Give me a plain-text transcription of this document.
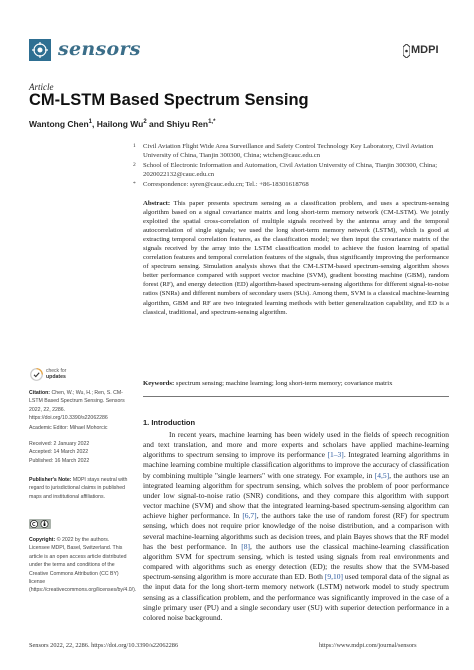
sensors	MDPI
Article
CM-LSTM Based Spectrum Sensing
Wantong Chen$^1$, Hailong Wu$^2$ and Shiyu Ren$^{1,*}$
1 Civil Aviation Flight Wide Area Surveillance and Safety Control Technology Key Laboratory, Civil Aviation University of China, Tianjin 300300, China; wtchen@cauc.edu.cn
2 School of Electronic Information and Automation, Civil Aviation University of China, Tianjin 300300, China; 2020022132@cauc.edu.cn
* Correspondence: syren@cauc.edu.cn; Tel.: +86-18301618768
Abstract: This paper presents spectrum sensing as a classification problem, and uses a spectrum-sensing algorithm based on a signal covariance matrix and long short-term memory network (CM-LSTM). We jointly exploited the spatial cross-correlation of multiple signals received by the antenna array and the temporal autocorrelation of single signals; we used the long short-term memory network (LSTM), which is good at extracting temporal correlation features, as the classification model; we then input the covariance matrix of the signals received by the array into the LSTM classification model to achieve the fusion learning of spatial correlation features and temporal correlation features of the signals, thus significantly improving the performance of spectrum sensing. Simulation analysis shows that the CM-LSTM-based spectrum-sensing algorithm shows better performance compared with support vector machine (SVM), gradient boosting machine (GBM), random forest (RF), and energy detection (ED) algorithm-based spectrum-sensing algorithms for different signal-to-noise ratios (SNRs) and different numbers of secondary users (SUs). Among them, SVM is a classical machine-learning algorithm, GBM and RF are two integrated learning methods with better generalization capability, and ED is a classical, traditional, and spectrum-sensing algorithm.
Keywords: spectrum sensing; machine learning; long short-term memory; covariance matrix
check for
updates
Citation: Chen, W.; Wu, H.; Ren, S. CM-LSTM Based Spectrum Sensing. Sensors 2022, 22, 2286. https://doi.org/10.3390/s22062286
Academic Editor: Mihael Mohorcic
Received: 2 January 2022
Accepted: 14 March 2022
Published: 16 March 2022
Publisher's Note: MDPI stays neutral with regard to jurisdictional claims in published maps and institutional affiliations.
Copyright: © 2022 by the authors. Licensee MDPI, Basel, Switzerland. This article is an open access article distributed under the terms and conditions of the Creative Commons Attribution (CC BY) license (https://creativecommons.org/licenses/by/4.0/).
1. Introduction
In recent years, machine learning has been widely used in the fields of speech recognition and text translation, and more and more experts and scholars have applied machine-learning algorithms to spectrum sensing to improve its performance [1–3]. Integrated learning algorithms in machine learning combine multiple classification algorithms to improve the accuracy of classification by combining multiple "single learners" with one strategy. For example, in [4,5], the authors use an integrated learning algorithm for spectrum sensing, which solves the problem of poor performance under low signal-to-noise ratio (SNR) conditions, and they compare this algorithm with support vector machine (SVM) and show that the integrated learning-based spectrum-sensing algorithm can achieve higher performance. In [6,7], the authors take the use of random forest (RF) for spectrum sensing, which does not require prior knowledge of the noise distribution, and a comparison with several machine-learning algorithms such as decision trees, and plain Bayes shows that the RF model has the best performance. In [8], the authors use the classical machine-learning classification algorithm SVM for spectrum sensing, which is tested using signals from real environments and compared with algorithms such as energy detection (ED); the results show that the SVM-based spectrum-sensing algorithm is more accurate than ED. Both [9,10] used temporal data of the signal as the input data for the long short-term memory network (LSTM) network model to study spectrum sensing as a classification problem, and the performance was significantly improved in the case of a single primary user (PU) and a single secondary user (SU) with superior detection performance in a colored noise background.
Sensors 2022, 22, 2286. https://doi.org/10.3390/s22062286	https://www.mdpi.com/journal/sensors
